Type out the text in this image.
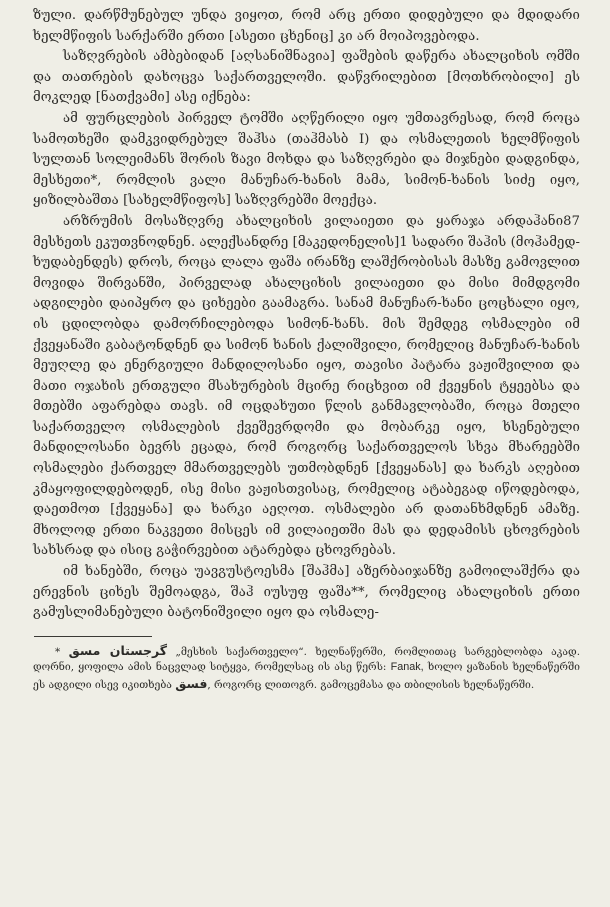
ზული. დარწმუნებულ უნდა ვიყოთ, რომ არც ერთი დიდებული და მდიდარი ხელმწიფის სარქარში ერთი [ასეთი ცხენიც] კი არ მოიპოვებოდა.

საზღვრების ამბებიდან [აღსანიშნავია] ფაშების დაწერა ახალციხის ომში და თათრების დახოცვა საქართველოში. დაწვრილებით [მოთხრობილი] ეს მოკლედ [ნათქვამი] ასე იქნება:

ამ ფურცლების პირველ ტომში აღწერილი იყო უმთავრესად, რომ როცა სამოთხეში დამკვიდრებულ შაჰსა (თაჰმასბ I) და ოსმალეთის ხელმწიფის სულთან სოლეიმანს შორის ზავი მოხდა და საზღვრები და მიჯნები დადგინდა, მესხეთი*, რომლის ვალი მანუჩარ-ხანის მამა, სიმონ-ხანის სიძე იყო, ყიზილბაშთა [სახელმწიფოს] საზღვრებში მოექცა.

არზრუმის მოსაზღვრე ახალციხის ვილაიეთი და ყარაჯა არდაჰანი87 მესხეთს ეკუთვნოდნენ. ალექსანდრე [მაკედონელის]1 სადარი შაჰის (მოჰამედ-ხუდაბენდეს) დროს, როცა ლალა ფაშა ირანზე ლაშქრობისას მასზე გამოვლით მოვიდა შირვანში, პირველად ახალციხის ვილაიეთი და მისი მიმდგომი ადგილები დაიპყრო და ციხეები გაამაგრა. სანამ მანუჩარ-ხანი ცოცხალი იყო, ის ცდილობდა დამორჩილებოდა სიმონ-ხანს. მის შემდეგ ოსმალები იმ ქვეყანაში გაბატონდნენ და სიმონ ხანის ქალიშვილი, რომელიც მანუჩარ-ხანის მეუღლე და ენერგიული მანდილოსანი იყო, თავისი პატარა ვაჟიშვილით და მათი ოჯახის ერთგული მსახურების მცირე რიცხვით იმ ქვეყნის ტყეებსა და მთებში აფარებდა თავს. იმ ოცდახუთი წლის განმავლობაში, როცა მთელი საქართველო ოსმალების ქვეშევრდომი და მობარკე იყო, ხსენებული მანდილოსანი ბევრს ეცადა, რომ როგორც საქართველოს სხვა მხარეებში ოსმალები ქართველ მმართველებს უთმობდნენ [ქვეყანას] და ხარკს აღებით კმაყოფილდებოდენ, ისე მისი ვაჟისთვისაც, რომელიც ატაბეგად იწოდებოდა, დაეთმოთ [ქვეყანა] და ხარკი აეღოთ. ოსმალები არ დათანხმდნენ ამაზე. მხოლოდ ერთი ნაკვეთი მისცეს იმ ვილაიეთში მას და დედამისს ცხოვრების სახსრად და ისიც გაჭირვებით ატარებდა ცხოვრებას.

იმ ხანებში, როცა უავგუსტოესმა [შაჰმა] აზერბაიჯანზე გამოილაშქრა და ერევნის ციხეს შემოადგა, შაჰ იუსუფ ფაშა**, რომელიც ახალციხის ერთი გამუსლიმანებული ბატონიშვილი იყო და ოსმალე-

* گرجستان مسق „მესხის საქართველო“. ხელნაწერში, რომლითაც სარგებლობდა აკად. დორნი, ყოფილა ამის ნაცვლად სიტყვა, რომელსაც ის ასე წერს: Fanak, ხოლო ყაზანის ხელნაწერში ეს ადგილი ისევ იკითხება فسق, როგორც ლითოგრ. გამოცემასა და თბილისის ხელნაწერში.
